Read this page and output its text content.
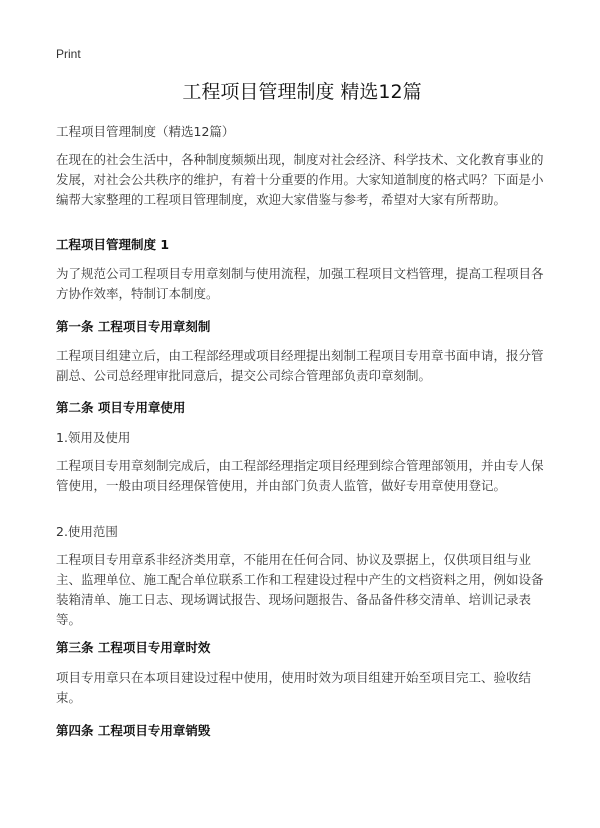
Print
工程项目管理制度 精选12篇

工程项目管理制度（精选12篇）

在现在的社会生活中，各种制度频频出现，制度对社会经济、科学技术、文化教育事业的发展，对社会公共秩序的维护，有着十分重要的作用。大家知道制度的格式吗？下面是小编帮大家整理的工程项目管理制度，欢迎大家借鉴与参考，希望对大家有所帮助。

工程项目管理制度 1

为了规范公司工程项目专用章刻制与使用流程，加强工程项目文档管理，提高工程项目各方协作效率，特制订本制度。

第一条 工程项目专用章刻制

工程项目组建立后，由工程部经理或项目经理提出刻制工程项目专用章书面申请，报分管副总、公司总经理审批同意后，提交公司综合管理部负责印章刻制。

第二条 项目专用章使用

1.领用及使用

工程项目专用章刻制完成后，由工程部经理指定项目经理到综合管理部领用，并由专人保管使用，一般由项目经理保管使用，并由部门负责人监管，做好专用章使用登记。

2.使用范围

工程项目专用章系非经济类用章，不能用在任何合同、协议及票据上，仅供项目组与业主、监理单位、施工配合单位联系工作和工程建设过程中产生的文档资料之用，例如设备装箱清单、施工日志、现场调试报告、现场问题报告、备品备件移交清单、培训记录表等。

第三条 工程项目专用章时效

项目专用章只在本项目建设过程中使用，使用时效为项目组建开始至项目完工、验收结束。

第四条 工程项目专用章销毁
